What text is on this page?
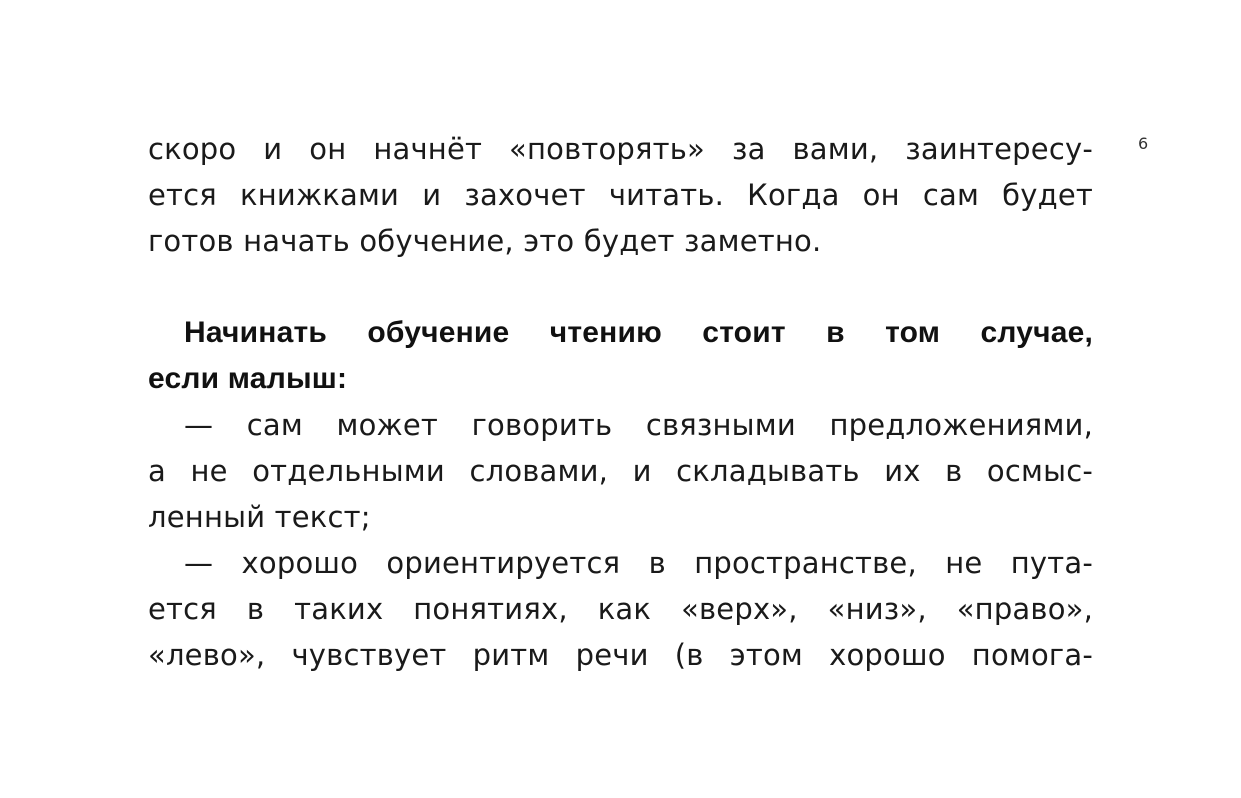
6
скоро и он начнёт «повторять» за вами, заинтересу-
ется книжками и захочет читать. Когда он сам будет
готов начать обучение, это будет заметно.
Начинать обучение чтению стоит в том случае,
если малыш:
— сам может говорить связными предложениями,
а не отдельными словами, и складывать их в осмыс-
ленный текст;
— хорошо ориентируется в пространстве, не пута-
ется в таких понятиях, как «верх», «низ», «право»,
«лево», чувствует ритм речи (в этом хорошо помога-
